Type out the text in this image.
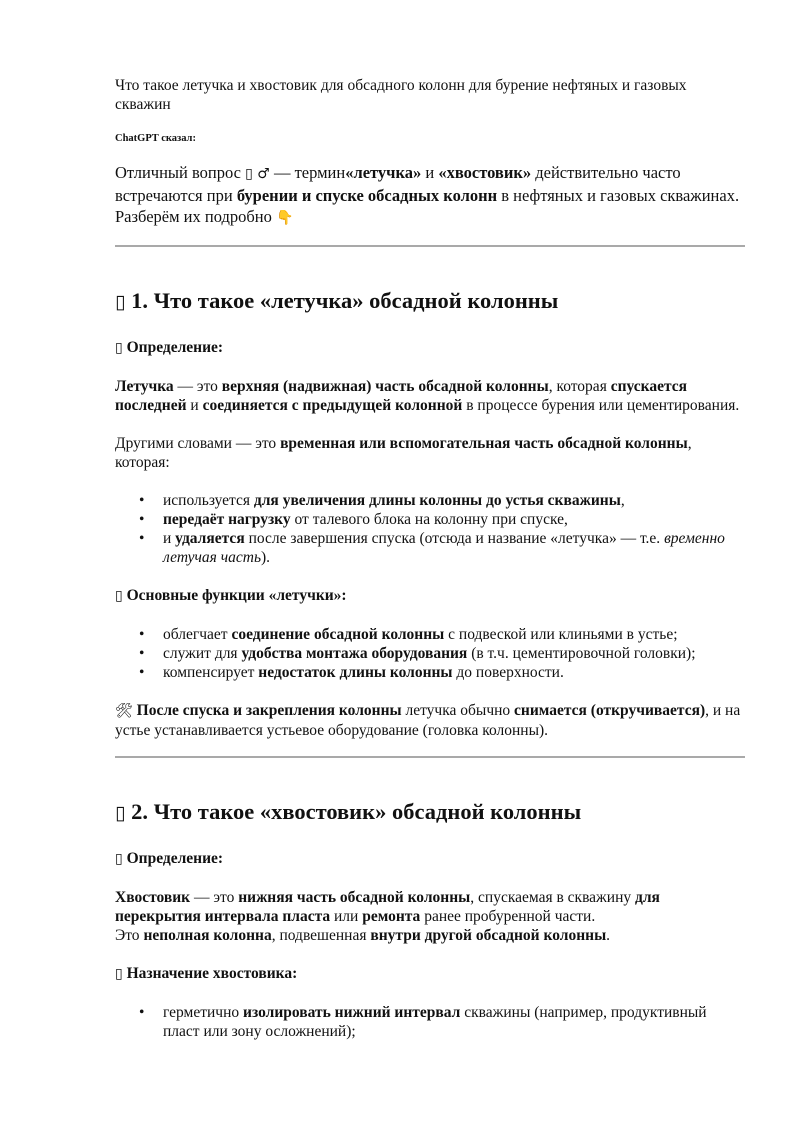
Что такое летучка и хвостовик для обсадного колонн для бурение нефтяных и газовых скважин

ChatGPT сказал:

Отличный вопрос ▯ ♂ — термин«летучка» и «хвостовик» действительно часто встречаются при бурении и спуске обсадных колонн в нефтяных и газовых скважинах. Разберём их подробно 👇

▯ 1. Что такое «летучка» обсадной колонны

▯ Определение:

Летучка — это верхняя (надвижная) часть обсадной колонны, которая спускается последней и соединяется с предыдущей колонной в процессе бурения или цементирования.

Другими словами — это временная или вспомогательная часть обсадной колонны, которая:

• используется для увеличения длины колонны до устья скважины,
• передаёт нагрузку от талевого блока на колонну при спуске,
• и удаляется после завершения спуска (отсюда и название «летучка» — т.е. временно летучая часть).

▯ Основные функции «летучки»:

• облегчает соединение обсадной колонны с подвеской или клиньями в устье;
• служит для удобства монтажа оборудования (в т.ч. цементировочной головки);
• компенсирует недостаток длины колонны до поверхности.

🛠 После спуска и закрепления колонны летучка обычно снимается (откручивается), и на устье устанавливается устьевое оборудование (головка колонны).

▯ 2. Что такое «хвостовик» обсадной колонны

▯ Определение:

Хвостовик — это нижняя часть обсадной колонны, спускаемая в скважину для перекрытия интервала пласта или ремонта ранее пробуренной части.
Это неполная колонна, подвешенная внутри другой обсадной колонны.

▯ Назначение хвостовика:

• герметично изолировать нижний интервал скважины (например, продуктивный пласт или зону осложнений);
